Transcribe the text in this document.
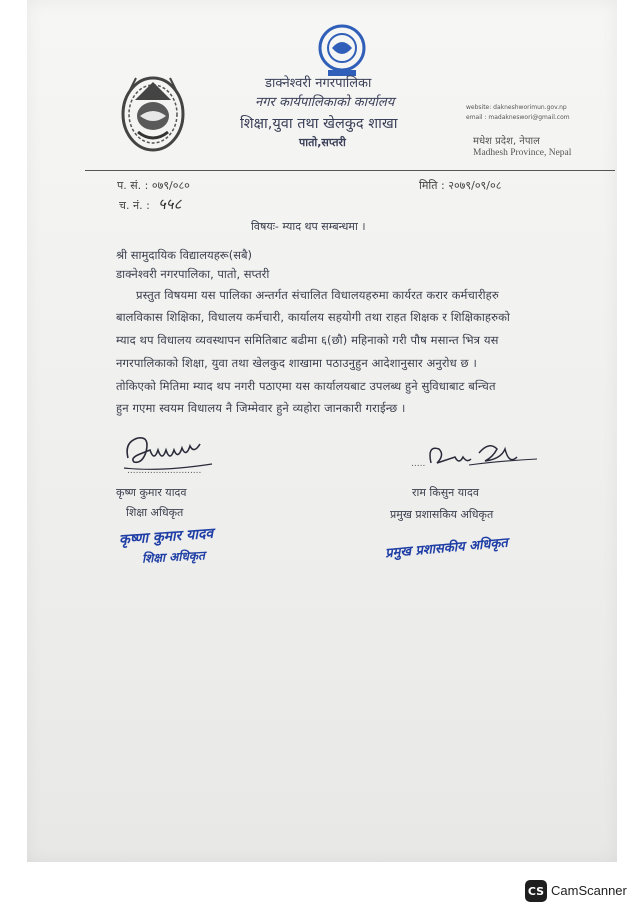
डाक्नेश्वरी नगरपालिका
नगर कार्यपालिकाको कार्यालय
शिक्षा,युवा तथा खेलकुद शाखा
पातो,सप्तरी
website: dakneshworimun.gov.np
email : madakneswori@gmail.com
मधेश प्रदेश, नेपाल
Madhesh Province, Nepal
प. सं. : ०७९/०८०
च. नं. : ५५८
मिति : २०७९/०९/०८
विषयः- म्याद थप सम्बन्धमा ।
श्री सामुदायिक विद्यालयहरू(सबै)
डाक्नेश्वरी नगरपालिका, पातो, सप्तरी
प्रस्तुत विषयमा यस पालिका अन्तर्गत संचालित विधालयहरुमा कार्यरत करार कर्मचारीहरु
बालविकास शिक्षिका, विधालय कर्मचारी, कार्यालय सहयोगी तथा राहत शिक्षक र शिक्षिकाहरुको
म्याद थप विधालय व्यवस्थापन समितिबाट बढीमा ६(छौ) महिनाको गरी पौष मसान्त भित्र यस
नगरपालिकाको शिक्षा, युवा तथा खेलकुद शाखामा पठाउनुहुन आदेशानुसार अनुरोध छ ।
तोकिएको मितिमा म्याद थप नगरी पठाएमा यस कार्यालयबाट उपलब्ध हुने सुविधाबाट बन्चित
हुन गएमा स्वयम विधालय नै जिम्मेवार हुने व्यहोरा जानकारी गराईन्छ ।
..........................
कृष्ण कुमार यादव
शिक्षा अधिकृत
कृष्णा कुमार यादव
शिक्षा अधिकृत
.....
राम किसुन यादव
प्रमुख प्रशासकिय अधिकृत
प्रमुख प्रशासकीय अधिकृत
CS CamScanner
